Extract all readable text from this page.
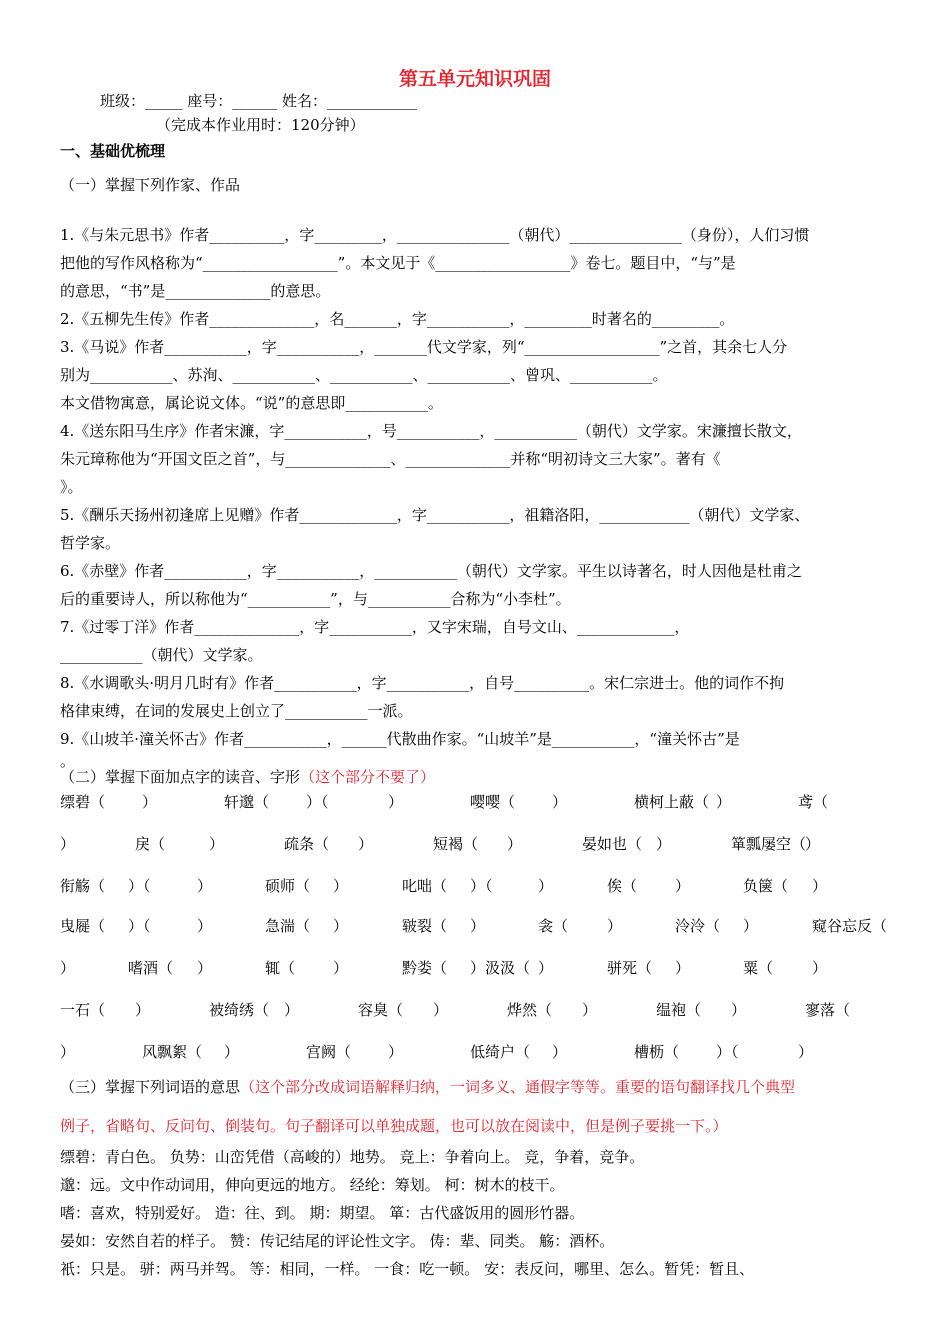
第五单元知识巩固
班级：_____ 座号：______ 姓名：____________
（完成本作业用时：120分钟）
一、基础优梳理
（一）掌握下列作家、作品
1.《与朱元思书》作者__________，字_________，_______________（朝代）_______________（身份），人们习惯
把他的写作风格称为“__________________”。本文见于《__________________》卷七。题目中，“与”是
的意思，“书”是______________的意思。
2.《五柳先生传》作者______________，名_______，字___________，_________时著名的_________。
3.《马说》作者___________，字___________，_______代文学家，列“__________________”之首，其余七人分
别为___________、苏洵、___________、___________、___________、曾巩、___________。
本文借物寓意，属论说文体。“说”的意思即___________。
4.《送东阳马生序》作者宋濂，字___________，号___________，___________（朝代）文学家。宋濂擅长散文，
朱元璋称他为“开国文臣之首”，与______________、______________并称“明初诗文三大家”。著有《
》。
5.《酬乐天扬州初逢席上见赠》作者_____________，字___________，祖籍洛阳，____________（朝代）文学家、
哲学家。
6.《赤壁》作者___________，字___________，___________（朝代）文学家。平生以诗著名，时人因他是杜甫之
后的重要诗人，所以称他为“___________”，与___________合称为“小李杜”。
7.《过零丁洋》作者______________，字___________，又字宋瑞，自号文山、_____________，
___________（朝代）文学家。
8.《水调歌头·明月几时有》作者___________，字___________，自号__________。宋仁宗进士。他的词作不拘
格律束缚，在词的发展史上创立了___________一派。
9.《山坡羊·潼关怀古》作者___________，______代散曲作家。“山坡羊”是___________，“潼关怀古”是
。
（二）掌握下面加点字的读音、字形（这个部分不要了）
缥碧（ ）	轩邈（ ）（	）	嘤嘤（ ）	横柯上蔽（ ）	鸢（
）	戾（	）	疏条（ ）	短褐（ ）	晏如也（ ）	箪瓢屡空（
）
衔觞（ ）（	）	硕师（ ）	叱咄（ ）（	）	俟（	）	负箧（ ）
曳屣（ ）（	）	急湍（ ）	皲裂（ ）	衾（	）	泠泠（ ）	窥谷忘反（
）	嗜酒（ ）	辄（	）	黔娄（ ）汲汲（ ）	骈死（ ）	粟（	）
一石（ ）	被绮绣（ ）	容臭（ ）	烨然（ ）	缊袍（ ）	寥落（
）	风飘絮（ ）	宫阙（ ）	低绮户（ ）	槽枥（ ）（	）
（三）掌握下列词语的意思（这个部分改成词语解释归纳，一词多义、通假字等等。重要的语句翻译找几个典型
例子，省略句、反问句、倒装句。句子翻译可以单独成题，也可以放在阅读中，但是例子要挑一下。）
缥碧：青白色。 负势：山峦凭借（高峻的）地势。 竞上：争着向上。 竞，争着，竞争。
邈：远。文中作动词用，伸向更远的地方。 经纶：筹划。 柯：树木的枝干。
嗜：喜欢，特别爱好。 造：往、到。 期：期望。 箪：古代盛饭用的圆形竹器。
晏如：安然自若的样子。 赞：传记结尾的评论性文字。 俦：辈、同类。 觞：酒杯。
衹：只是。 骈：两马并驾。 等：相同，一样。 一食：吃一顿。 安：表反问，哪里、怎么。暂凭：暂且、
